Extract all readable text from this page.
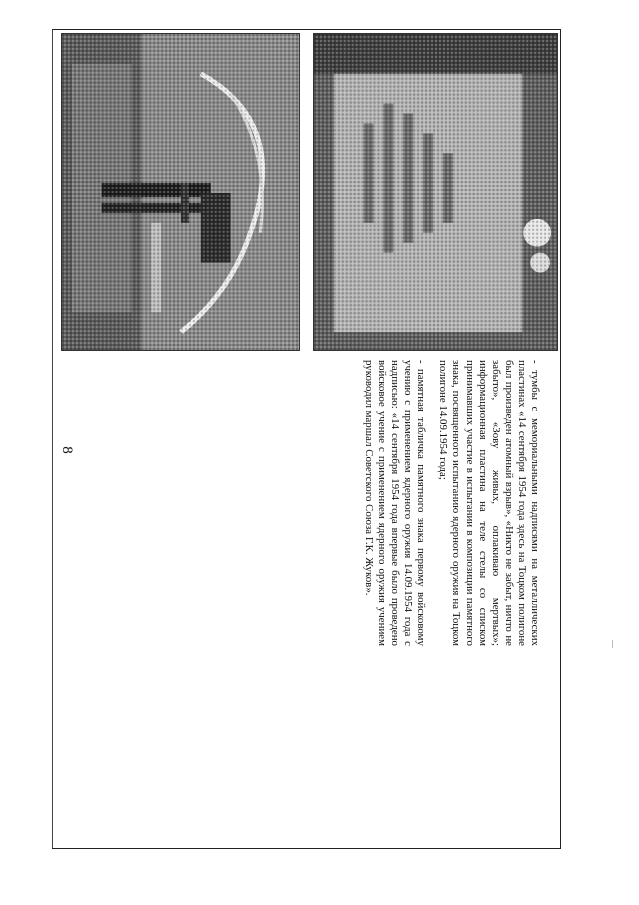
8	- тумбы с мемориальными надписями на металлических пластинах «14 сентября 1954 года здесь на Тоцком полигоне был произведен атомный взрыв», «Никто не забыт, ничто не забыто», «Зову живых, оплакиваю мертвых»; информационная пластина на теле стелы со списком принимавших участие в испытании в композиции памятного знака, посвященного испытанию ядерного оружия на Тоцком полигоне 14.09.1954 года;

- памятная табличка памятного знака первому войсковому учению с применением ядерного оружия 14.09.1954 года с надписью: «14 сентября 1954 года впервые было проведено войсковое учение с применением ядерного оружия учением руководил маршал Советского Союза Г.К. Жуков».
